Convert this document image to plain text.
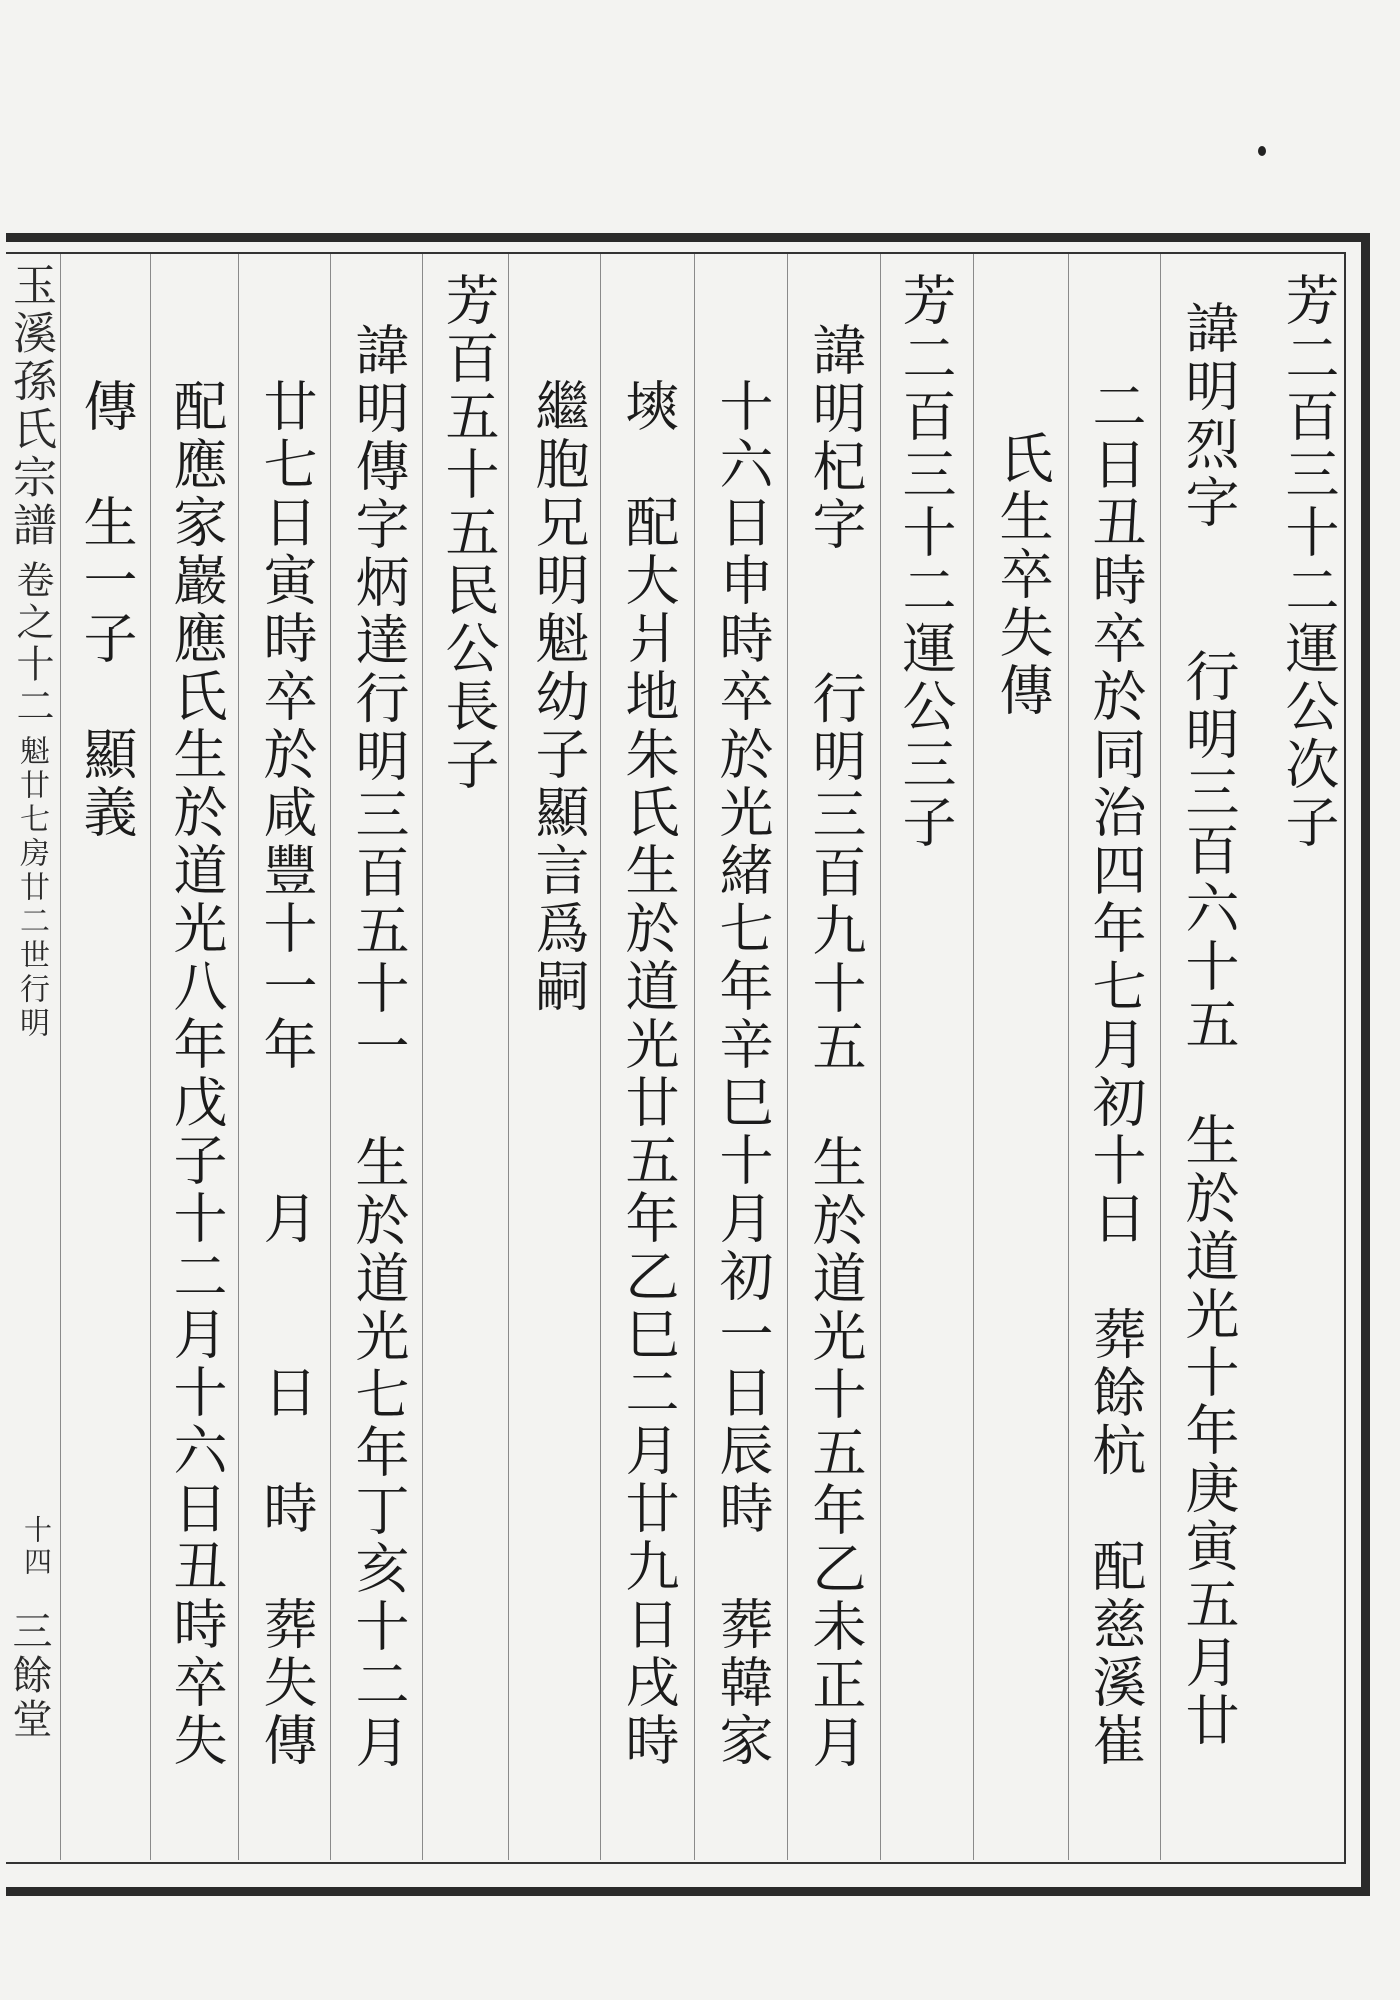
芳二百三十二運公次子
諱明烈字　　行明三百六十五　生於道光十年庚寅五月廿
二日丑時卒於同治四年七月初十日　葬餘杭　配慈溪崔
氏生卒失傳
芳二百三十二運公三子
諱明杞字　　行明三百九十五　生於道光十五年乙未正月
十六日申時卒於光緒七年辛巳十月初一日辰時　葬韓家
塽　配大爿地朱氏生於道光廿五年乙巳二月廿九日戌時
繼胞兄明魁幼子顯言爲嗣
芳百五十五民公長子
諱明傳字炳達行明三百五十一　生於道光七年丁亥十二月
廿七日寅時卒於咸豐十一年　　月　　日　時　葬失傳
配應家巖應氏生於道光八年戊子十二月十六日丑時卒失
傳　生一子　顯義
玉溪孫氏宗譜
卷之十二
魁廿七房廿二世行明
十四
三餘堂
